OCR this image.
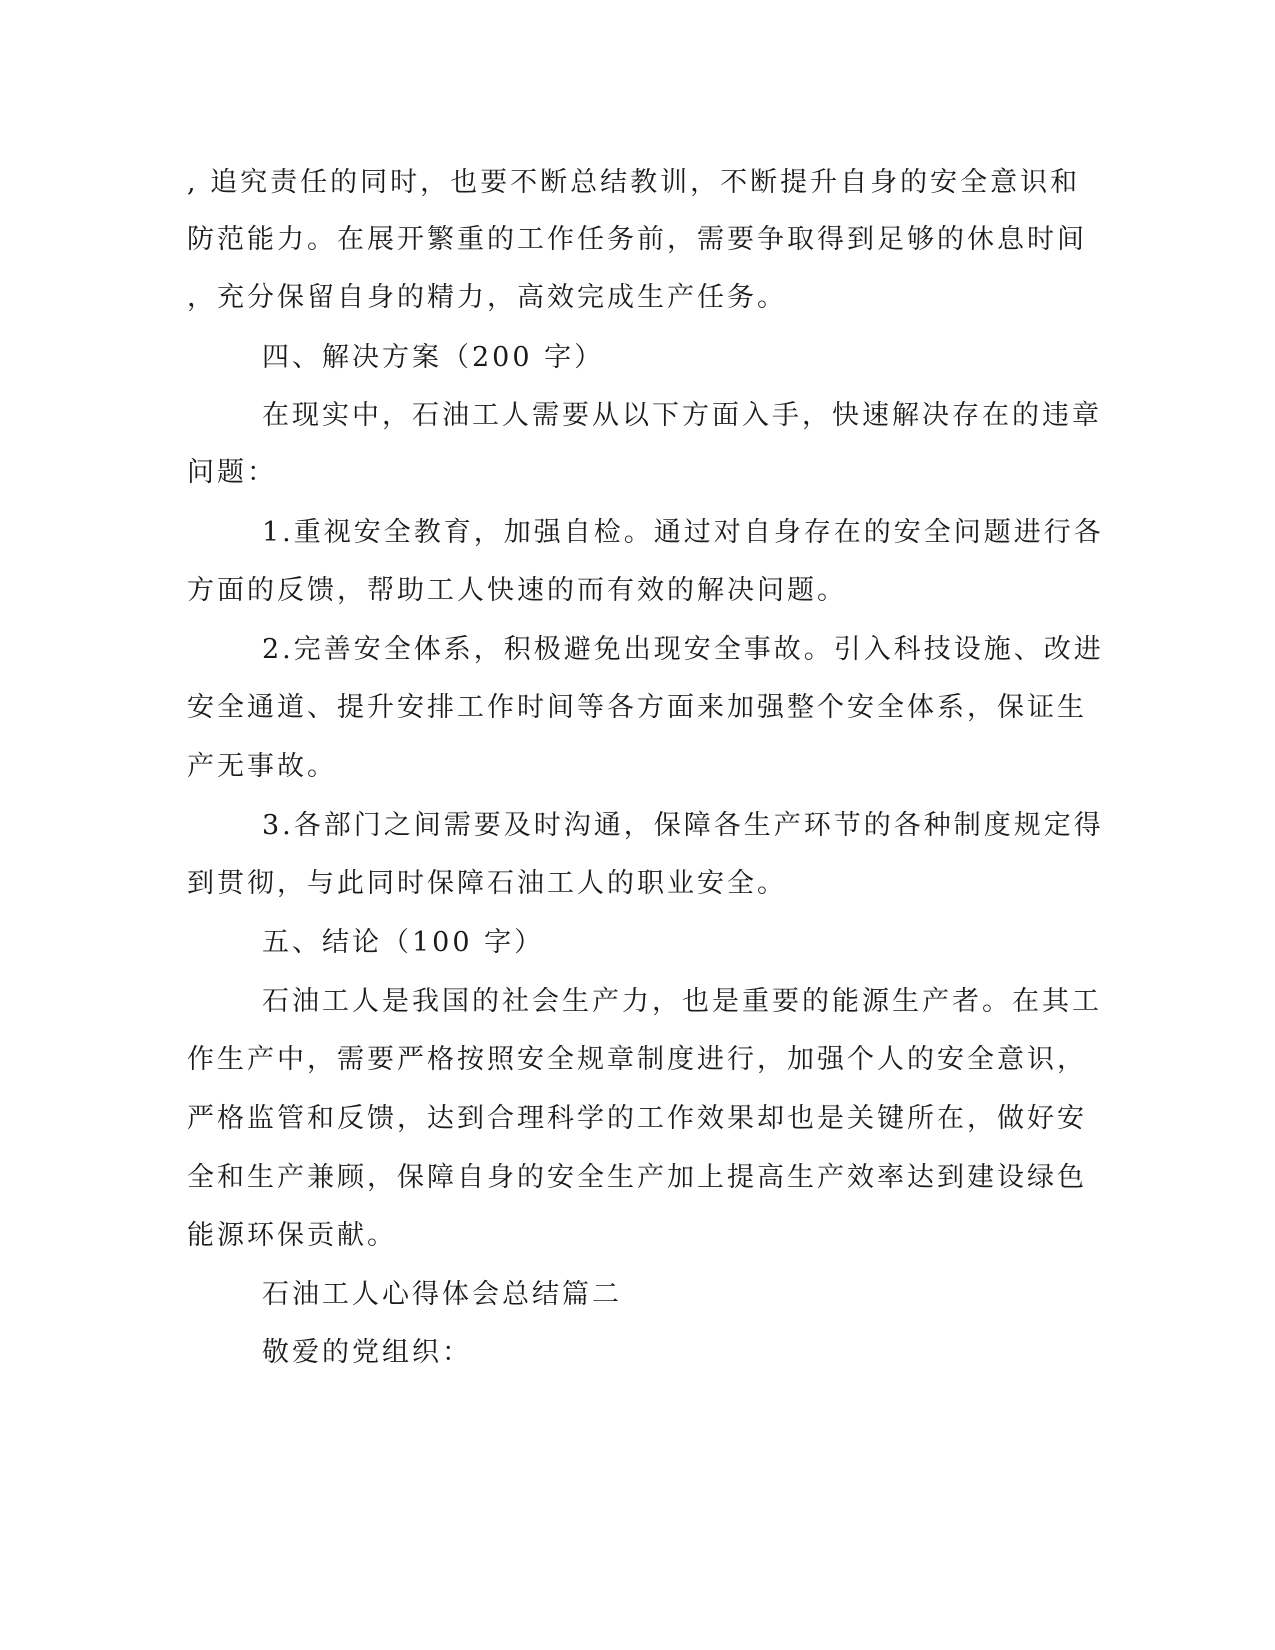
, 追究责任的同时，也要不断总结教训，不断提升自身的安全意识和

防范能力。在展开繁重的工作任务前，需要争取得到足够的休息时间

，充分保留自身的精力，高效完成生产任务。

四、解决方案（200 字）

在现实中，石油工人需要从以下方面入手，快速解决存在的违章

问题：

1.重视安全教育，加强自检。通过对自身存在的安全问题进行各

方面的反馈，帮助工人快速的而有效的解决问题。

2.完善安全体系，积极避免出现安全事故。引入科技设施、改进

安全通道、提升安排工作时间等各方面来加强整个安全体系，保证生

产无事故。

3.各部门之间需要及时沟通，保障各生产环节的各种制度规定得

到贯彻，与此同时保障石油工人的职业安全。

五、结论（100 字）

石油工人是我国的社会生产力，也是重要的能源生产者。在其工

作生产中，需要严格按照安全规章制度进行，加强个人的安全意识，

严格监管和反馈，达到合理科学的工作效果却也是关键所在，做好安

全和生产兼顾，保障自身的安全生产加上提高生产效率达到建设绿色

能源环保贡献。

石油工人心得体会总结篇二

敬爱的党组织：
